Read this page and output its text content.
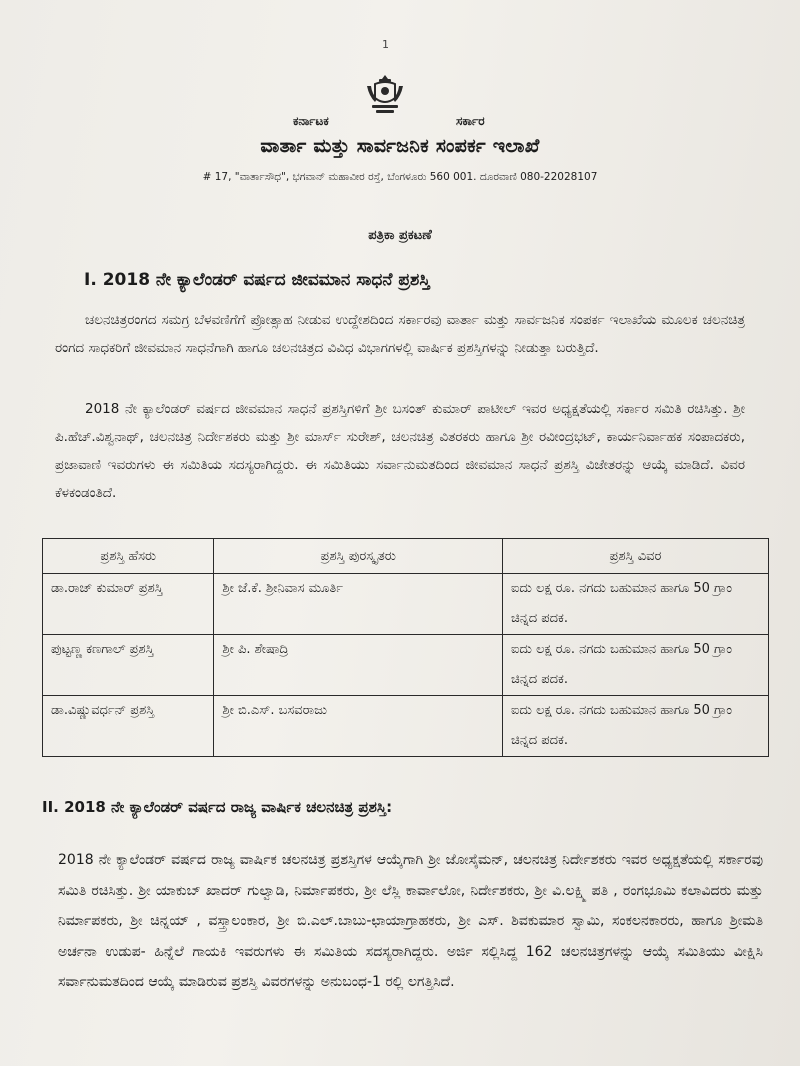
1
ಕರ್ನಾಟಕ	ಸರ್ಕಾರ
ವಾರ್ತಾ ಮತ್ತು ಸಾರ್ವಜನಿಕ ಸಂಪರ್ಕ ಇಲಾಖೆ
# 17, "ವಾರ್ತಾಸೌಧ", ಭಗವಾನ್ ಮಹಾವೀರ ರಸ್ತೆ, ಬೆಂಗಳೂರು 560 001. ದೂರವಾಣಿ 080-22028107
ಪತ್ರಿಕಾ ಪ್ರಕಟಣೆ
I. 2018 ನೇ ಕ್ಯಾಲೆಂಡರ್ ವರ್ಷದ ಜೀವಮಾನ ಸಾಧನೆ ಪ್ರಶಸ್ತಿ
ಚಲನಚಿತ್ರರಂಗದ ಸಮಗ್ರ ಬೆಳವಣಿಗೆಗೆ ಪ್ರೋತ್ಸಾಹ ನೀಡುವ ಉದ್ದೇಶದಿಂದ ಸರ್ಕಾರವು ವಾರ್ತಾ ಮತ್ತು ಸಾರ್ವಜನಿಕ ಸಂಪರ್ಕ ಇಲಾಖೆಯ ಮೂಲಕ ಚಲನಚಿತ್ರ ರಂಗದ ಸಾಧಕರಿಗೆ ಜೀವಮಾನ ಸಾಧನೆಗಾಗಿ ಹಾಗೂ ಚಲನಚಿತ್ರದ ವಿವಿಧ ವಿಭಾಗಗಳಲ್ಲಿ ವಾರ್ಷಿಕ ಪ್ರಶಸ್ತಿಗಳನ್ನು ನೀಡುತ್ತಾ ಬರುತ್ತಿದೆ.
2018 ನೇ ಕ್ಯಾಲೆಂಡರ್ ವರ್ಷದ ಜೀವಮಾನ ಸಾಧನೆ ಪ್ರಶಸ್ತಿಗಳಿಗೆ ಶ್ರೀ ಬಸಂತ್ ಕುಮಾರ್ ಪಾಟೀಲ್ ಇವರ ಅಧ್ಯಕ್ಷತೆಯಲ್ಲಿ ಸರ್ಕಾರ ಸಮಿತಿ ರಚಿಸಿತ್ತು. ಶ್ರೀ ಪಿ.ಹೆಚ್.ವಿಶ್ವನಾಥ್, ಚಲನಚಿತ್ರ ನಿರ್ದೇಶಕರು ಮತ್ತು ಶ್ರೀ ಮಾರ್ಸ್ ಸುರೇಶ್, ಚಲನಚಿತ್ರ ವಿತರಕರು ಹಾಗೂ ಶ್ರೀ ರವೀಂದ್ರಭಟ್, ಕಾರ್ಯನಿರ್ವಾಹಕ ಸಂಪಾದಕರು, ಪ್ರಜಾವಾಣಿ ಇವರುಗಳು ಈ ಸಮಿತಿಯ ಸದಸ್ಯರಾಗಿದ್ದರು. ಈ ಸಮಿತಿಯು ಸರ್ವಾನುಮತದಿಂದ ಜೀವಮಾನ ಸಾಧನೆ ಪ್ರಶಸ್ತಿ ವಿಜೇತರನ್ನು ಆಯ್ಕೆ ಮಾಡಿದೆ. ವಿವರ ಕೆಳಕಂಡಂತಿದೆ.
ಪ್ರಶಸ್ತಿ ಹೆಸರು	ಪ್ರಶಸ್ತಿ ಪುರಸ್ಕೃತರು	ಪ್ರಶಸ್ತಿ ವಿವರ
ಡಾ.ರಾಜ್ ಕುಮಾರ್ ಪ್ರಶಸ್ತಿ	ಶ್ರೀ ಜೆ.ಕೆ. ಶ್ರೀನಿವಾಸ ಮೂರ್ತಿ	ಐದು ಲಕ್ಷ ರೂ. ನಗದು ಬಹುಮಾನ ಹಾಗೂ 50 ಗ್ರಾಂ ಚಿನ್ನದ ಪದಕ.
ಪುಟ್ಟಣ್ಣ ಕಣಗಾಲ್ ಪ್ರಶಸ್ತಿ	ಶ್ರೀ ಪಿ. ಶೇಷಾದ್ರಿ	ಐದು ಲಕ್ಷ ರೂ. ನಗದು ಬಹುಮಾನ ಹಾಗೂ 50 ಗ್ರಾಂ ಚಿನ್ನದ ಪದಕ.
ಡಾ.ವಿಷ್ಣುವರ್ಧನ್ ಪ್ರಶಸ್ತಿ	ಶ್ರೀ ಬಿ.ಎಸ್. ಬಸವರಾಜು	ಐದು ಲಕ್ಷ ರೂ. ನಗದು ಬಹುಮಾನ ಹಾಗೂ 50 ಗ್ರಾಂ ಚಿನ್ನದ ಪದಕ.
II. 2018 ನೇ ಕ್ಯಾಲೆಂಡರ್ ವರ್ಷದ ರಾಜ್ಯ ವಾರ್ಷಿಕ ಚಲನಚಿತ್ರ ಪ್ರಶಸ್ತಿ:
2018 ನೇ ಕ್ಯಾಲೆಂಡರ್ ವರ್ಷದ ರಾಜ್ಯ ವಾರ್ಷಿಕ ಚಲನಚಿತ್ರ ಪ್ರಶಸ್ತಿಗಳ ಆಯ್ಕೆಗಾಗಿ ಶ್ರೀ ಜೋಸೈಮನ್, ಚಲನಚಿತ್ರ ನಿರ್ದೇಶಕರು ಇವರ ಅಧ್ಯಕ್ಷತೆಯಲ್ಲಿ ಸರ್ಕಾರವು ಸಮಿತಿ ರಚಿಸಿತ್ತು. ಶ್ರೀ ಯಾಕುಬ್ ಖಾದರ್ ಗುಲ್ವಾಡಿ, ನಿರ್ಮಾಪಕರು, ಶ್ರೀ ಲೆಸ್ಲಿ ಕಾರ್ವಾಲೋ, ನಿರ್ದೇಶಕರು, ಶ್ರೀ ವಿ.ಲಕ್ಷ್ಮಿ ಪತಿ , ರಂಗಭೂಮಿ ಕಲಾವಿದರು ಮತ್ತು ನಿರ್ಮಾಪಕರು, ಶ್ರೀ ಚಿನ್ನಯ್ , ವಸ್ತ್ರಾಲಂಕಾರ, ಶ್ರೀ ಬಿ.ಎಲ್.ಬಾಬು-ಛಾಯಾಗ್ರಾಹಕರು, ಶ್ರೀ ಎಸ್. ಶಿವಕುಮಾರ ಸ್ವಾಮಿ, ಸಂಕಲನಕಾರರು, ಹಾಗೂ ಶ್ರೀಮತಿ ಅರ್ಚನಾ ಉಡುಪ- ಹಿನ್ನೆಲೆ ಗಾಯಕಿ ಇವರುಗಳು ಈ ಸಮಿತಿಯ ಸದಸ್ಯರಾಗಿದ್ದರು. ಅರ್ಜಿ ಸಲ್ಲಿಸಿದ್ದ 162 ಚಲನಚಿತ್ರಗಳನ್ನು ಆಯ್ಕೆ ಸಮಿತಿಯು ವೀಕ್ಷಿಸಿ ಸರ್ವಾನುಮತದಿಂದ ಆಯ್ಕೆ ಮಾಡಿರುವ ಪ್ರಶಸ್ತಿ ವಿವರಗಳನ್ನು ಅನುಬಂಧ-1 ರಲ್ಲಿ ಲಗತ್ತಿಸಿದೆ.
